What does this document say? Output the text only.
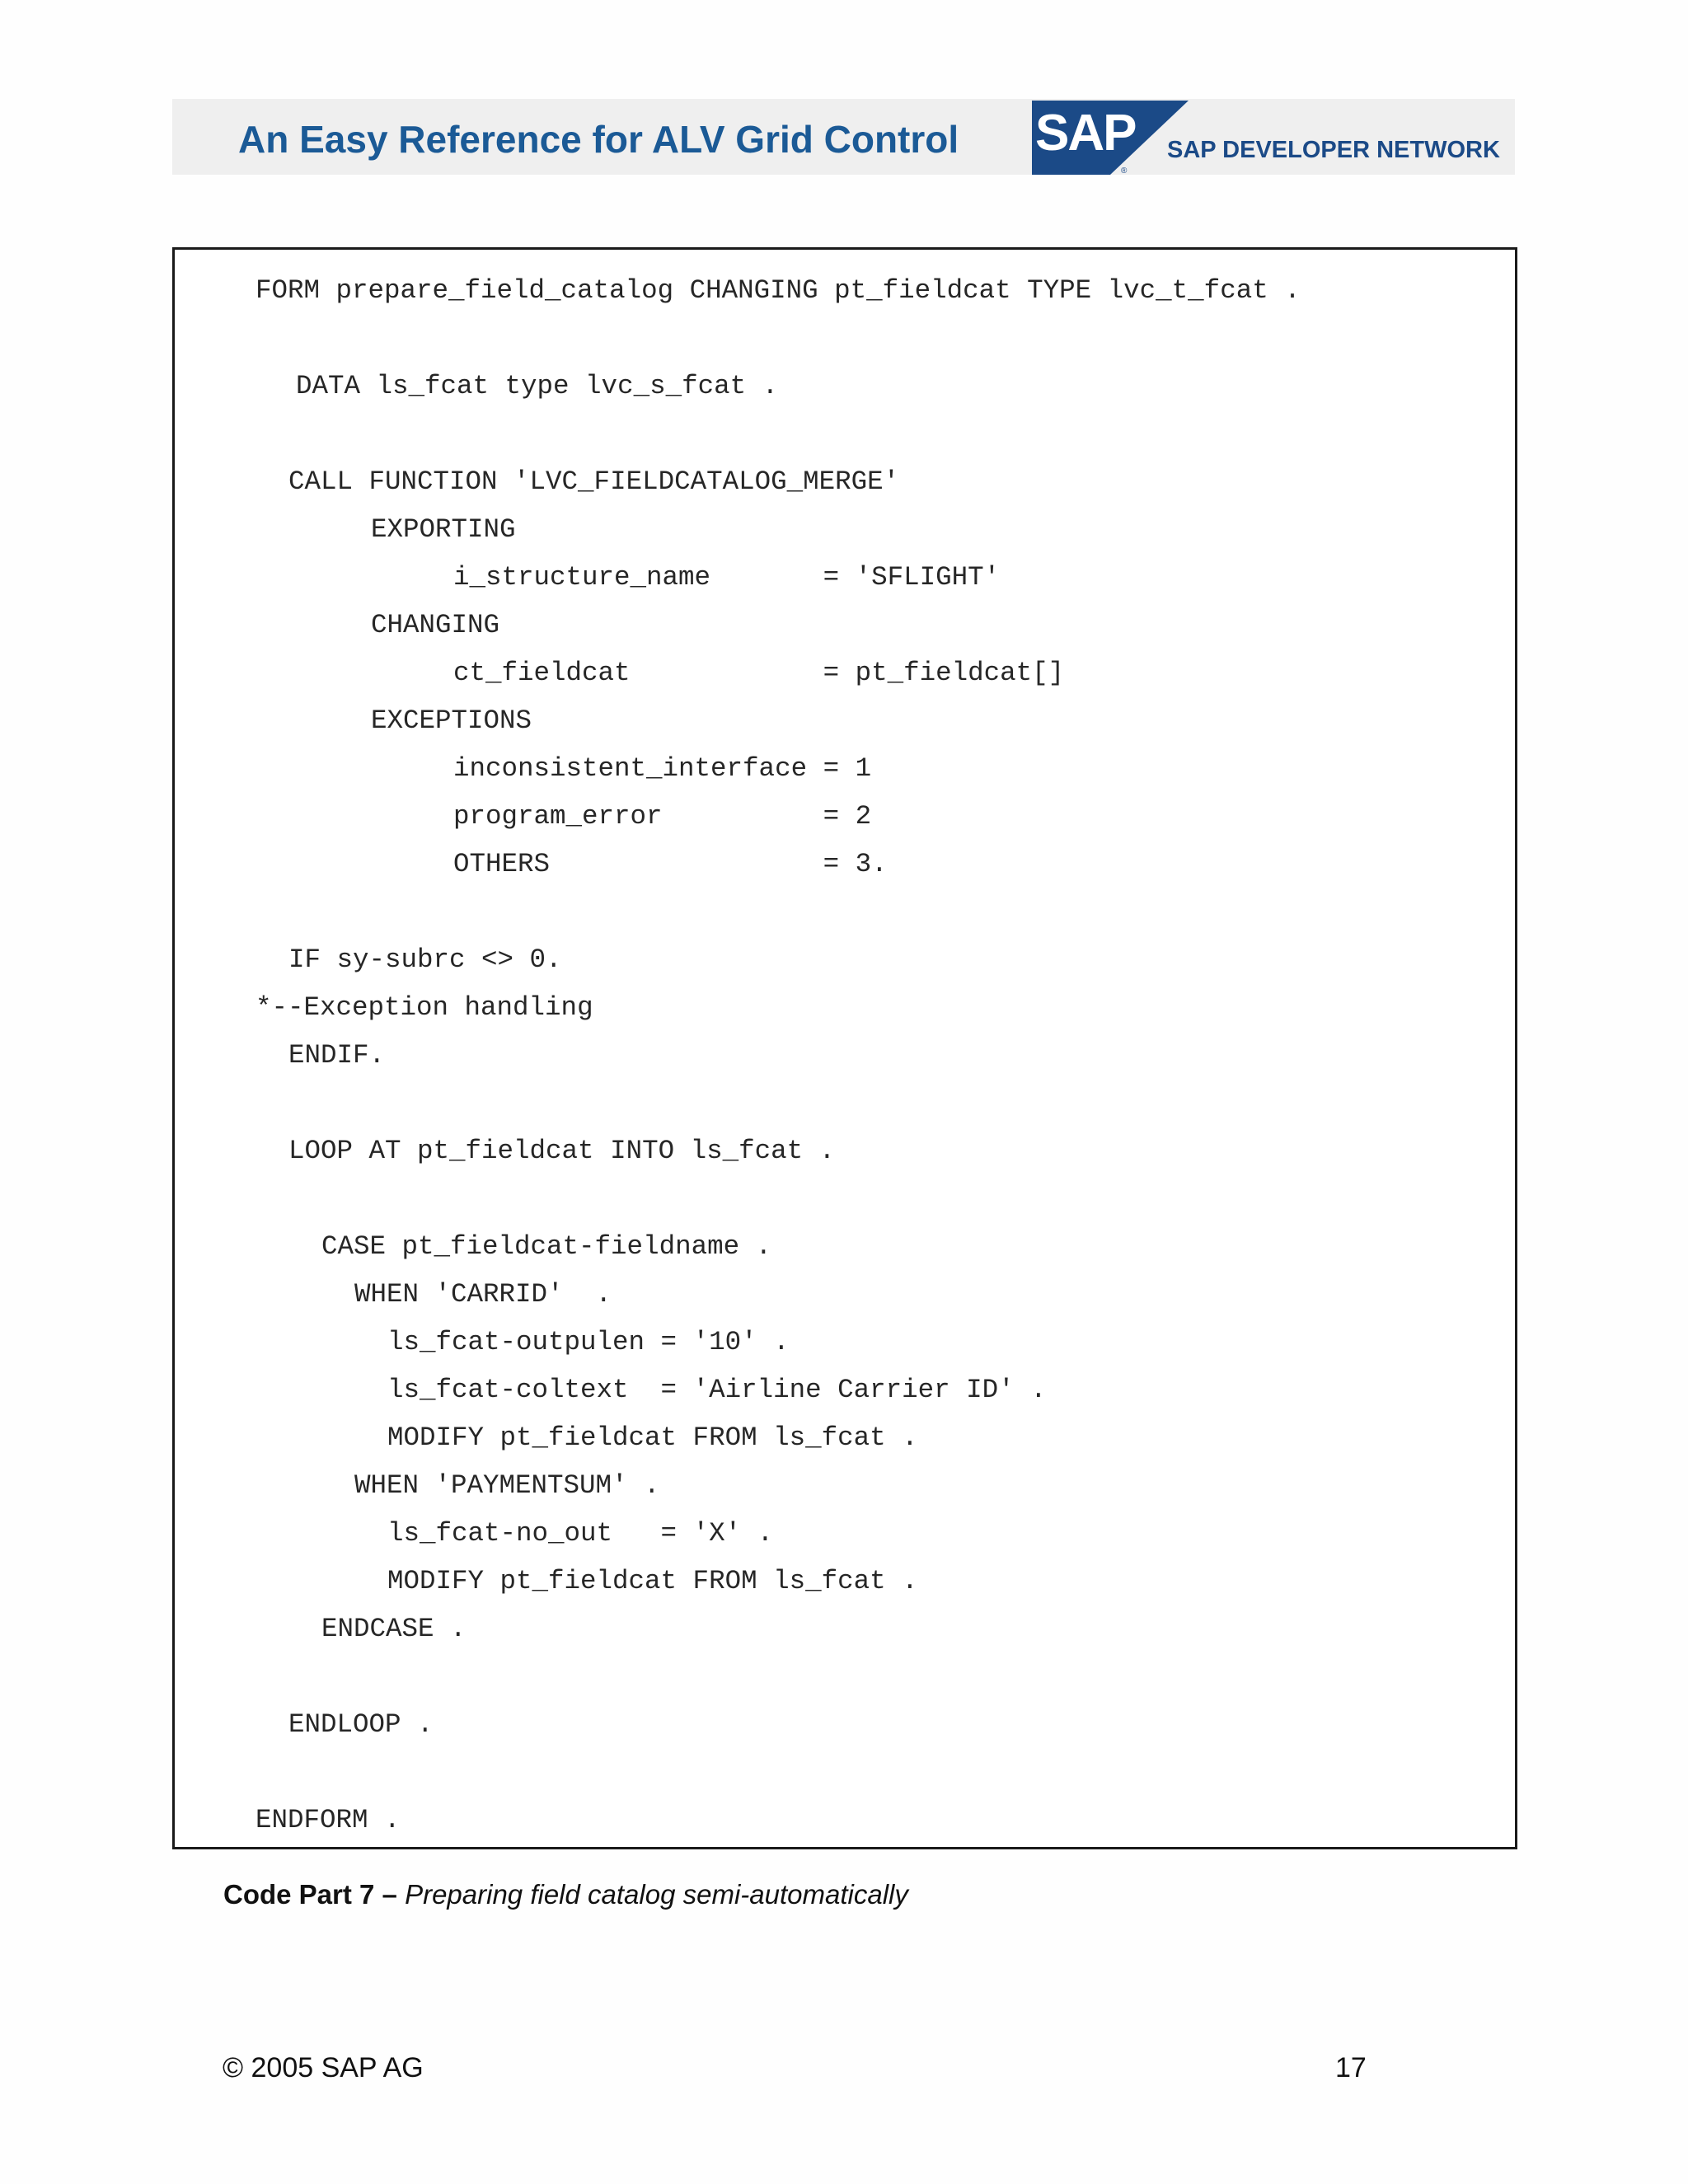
An Easy Reference for ALV Grid Control SAP
®
SAP DEVELOPER NETWORK
FORM prepare_field_catalog CHANGING pt_fieldcat TYPE lvc_t_fcat .
DATA ls_fcat type lvc_s_fcat .
CALL FUNCTION 'LVC_FIELDCATALOG_MERGE'
EXPORTING
i_structure_name       = 'SFLIGHT'
CHANGING
ct_fieldcat            = pt_fieldcat[]
EXCEPTIONS
inconsistent_interface = 1
program_error          = 2
OTHERS                 = 3.
IF sy-subrc <> 0.
*--Exception handling
ENDIF.
LOOP AT pt_fieldcat INTO ls_fcat .
CASE pt_fieldcat-fieldname .
WHEN 'CARRID'  .
ls_fcat-outpulen = '10' .
ls_fcat-coltext  = 'Airline Carrier ID' .
MODIFY pt_fieldcat FROM ls_fcat .
WHEN 'PAYMENTSUM' .
ls_fcat-no_out   = 'X' .
MODIFY pt_fieldcat FROM ls_fcat .
ENDCASE .
ENDLOOP .
ENDFORM .
Code Part 7 – Preparing field catalog semi-automatically
© 2005 SAP AG	17
